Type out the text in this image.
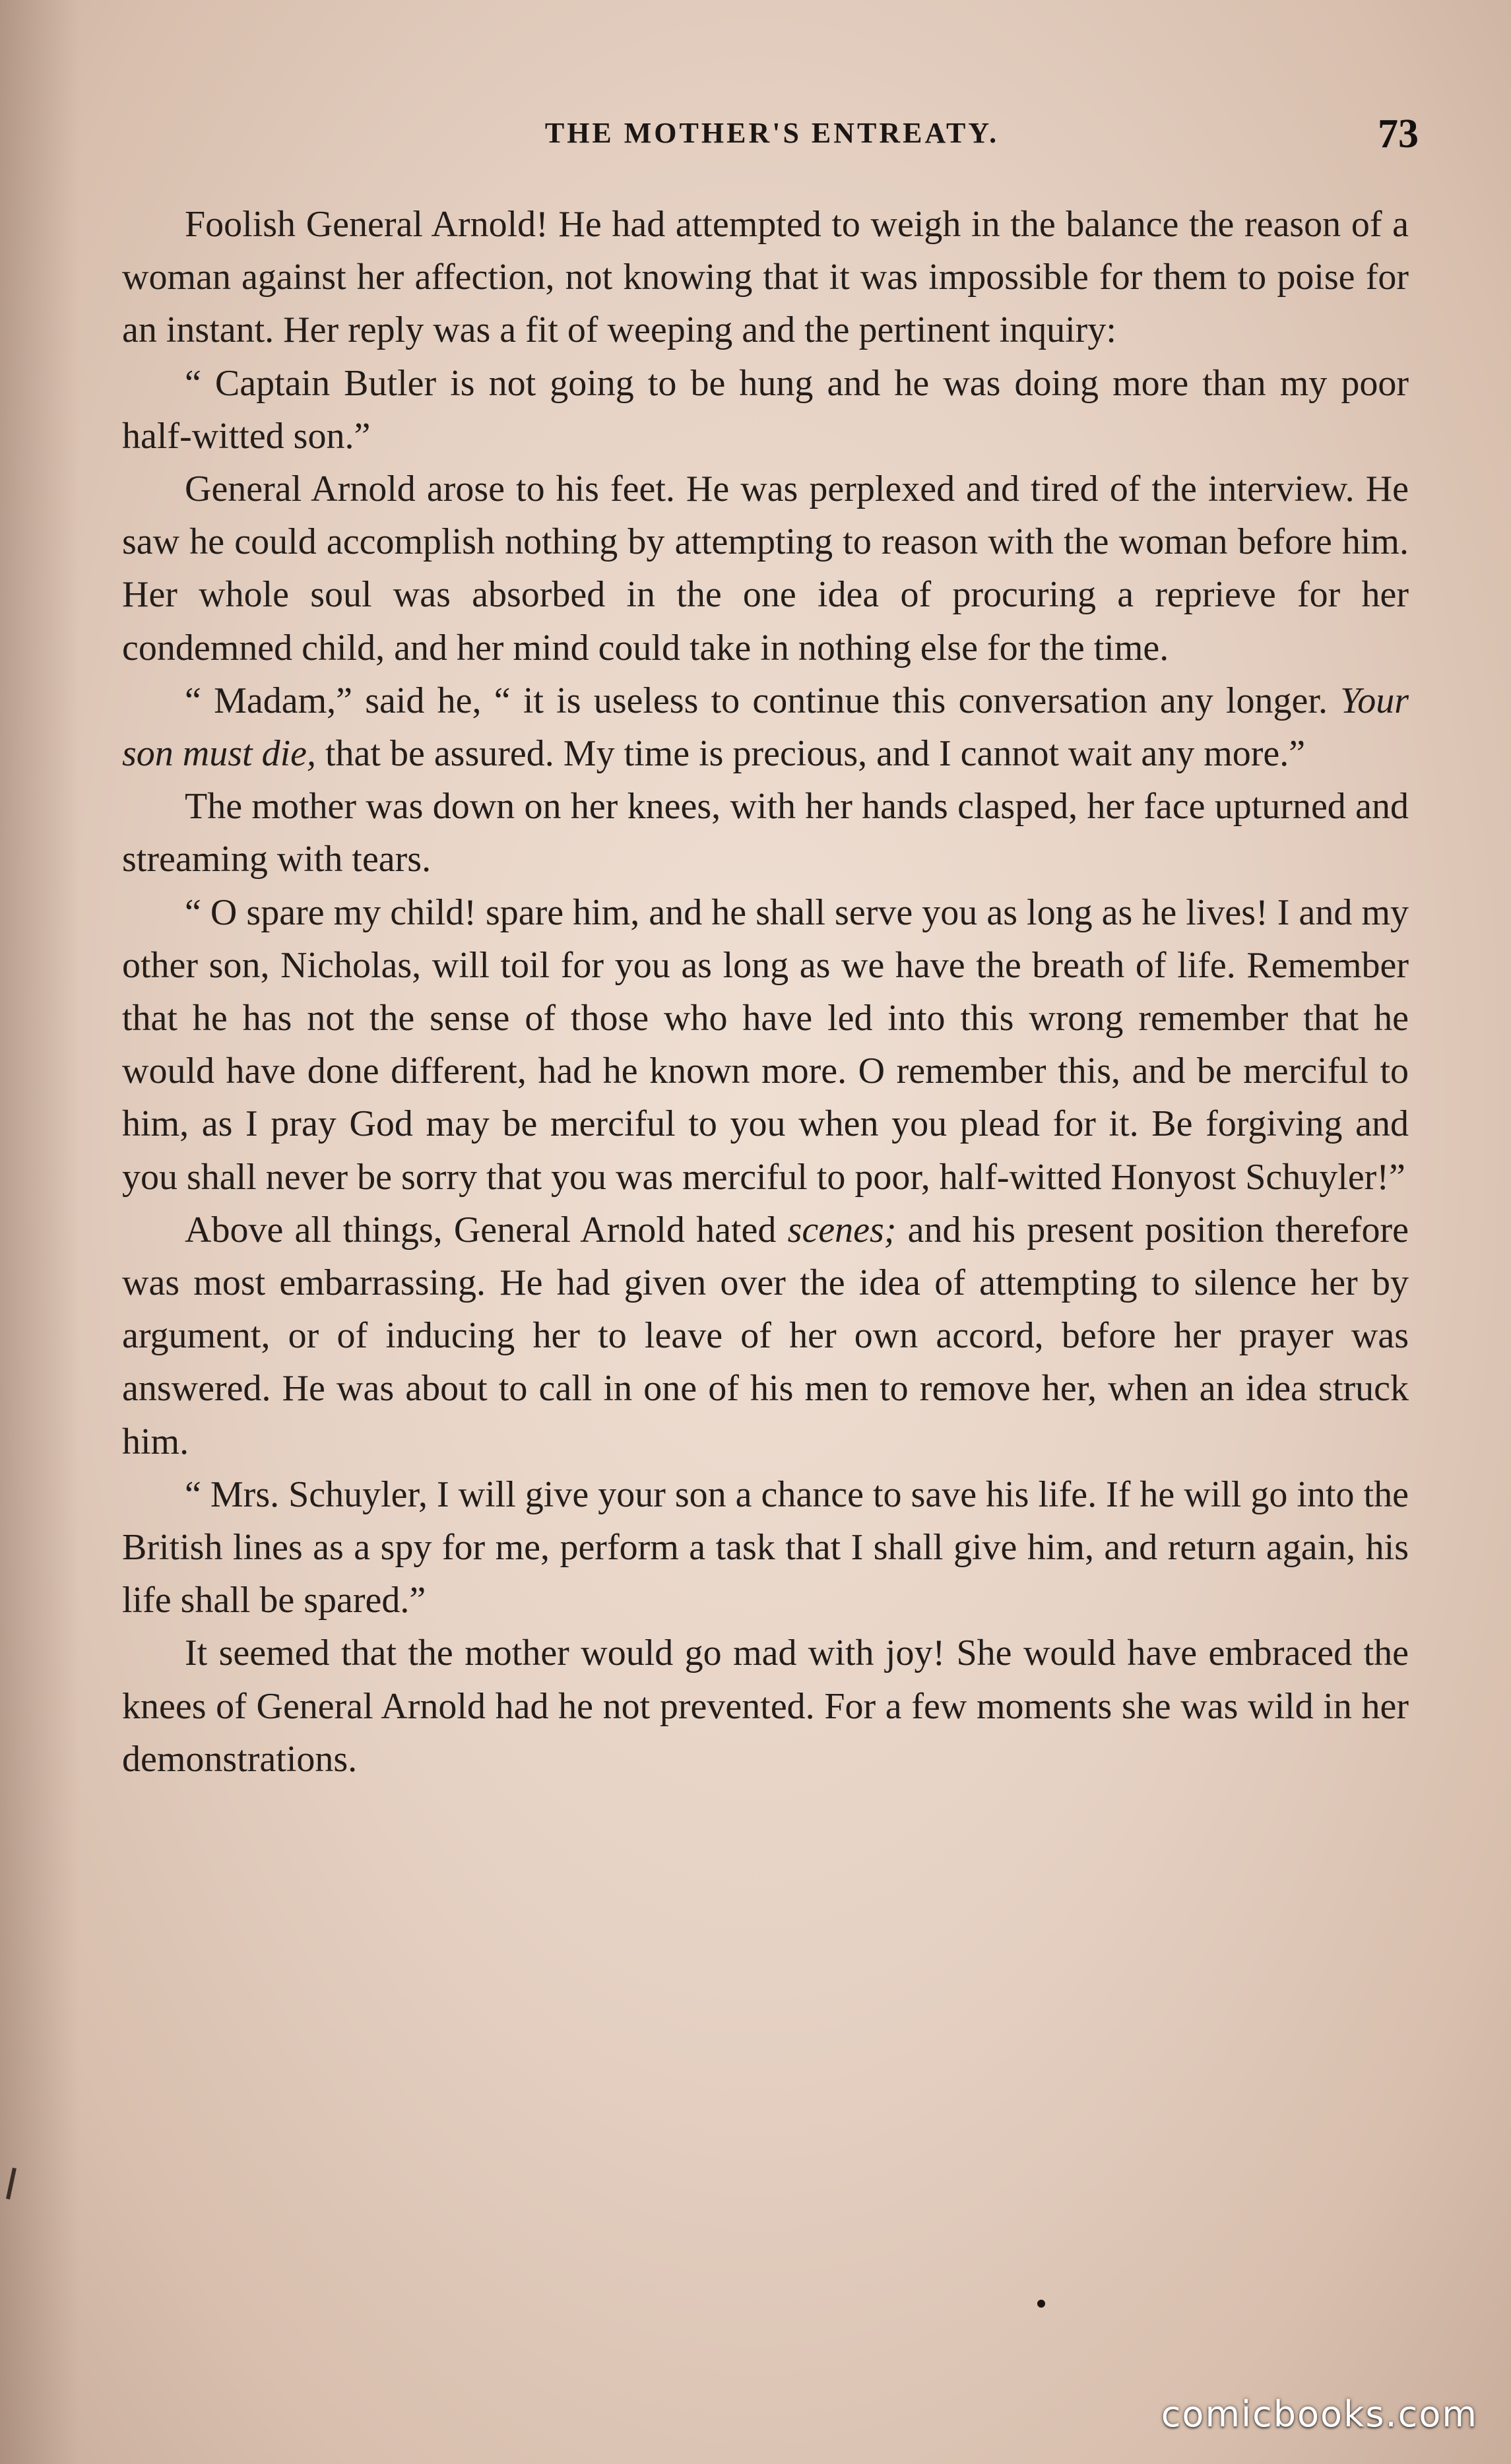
THE MOTHER'S ENTREATY.	73

Foolish General Arnold! He had attempted to weigh in the balance the reason of a woman against her affection, not knowing that it was impossible for them to poise for an instant. Her reply was a fit of weeping and the pertinent inquiry:

“ Captain Butler is not going to be hung and he was doing more than my poor half-witted son.”

General Arnold arose to his feet. He was perplexed and tired of the interview. He saw he could accomplish nothing by attempting to reason with the woman before him. Her whole soul was absorbed in the one idea of procuring a reprieve for her condemned child, and her mind could take in nothing else for the time.

“ Madam,” said he, “ it is useless to continue this conversation any longer. Your son must die, that be assured. My time is precious, and I cannot wait any more.”

The mother was down on her knees, with her hands clasped, her face upturned and streaming with tears.

“ O spare my child! spare him, and he shall serve you as long as he lives! I and my other son, Nicholas, will toil for you as long as we have the breath of life. Remember that he has not the sense of those who have led into this wrong remember that he would have done different, had he known more. O remember this, and be merciful to him, as I pray God may be merciful to you when you plead for it. Be forgiving and you shall never be sorry that you was merciful to poor, half-witted Honyost Schuyler!”

Above all things, General Arnold hated scenes; and his present position therefore was most embarrassing. He had given over the idea of attempting to silence her by argument, or of inducing her to leave of her own accord, before her prayer was answered. He was about to call in one of his men to remove her, when an idea struck him.

“ Mrs. Schuyler, I will give your son a chance to save his life. If he will go into the British lines as a spy for me, perform a task that I shall give him, and return again, his life shall be spared.”

It seemed that the mother would go mad with joy! She would have embraced the knees of General Arnold had he not prevented. For a few moments she was wild in her demonstrations.

comicbooks.com
